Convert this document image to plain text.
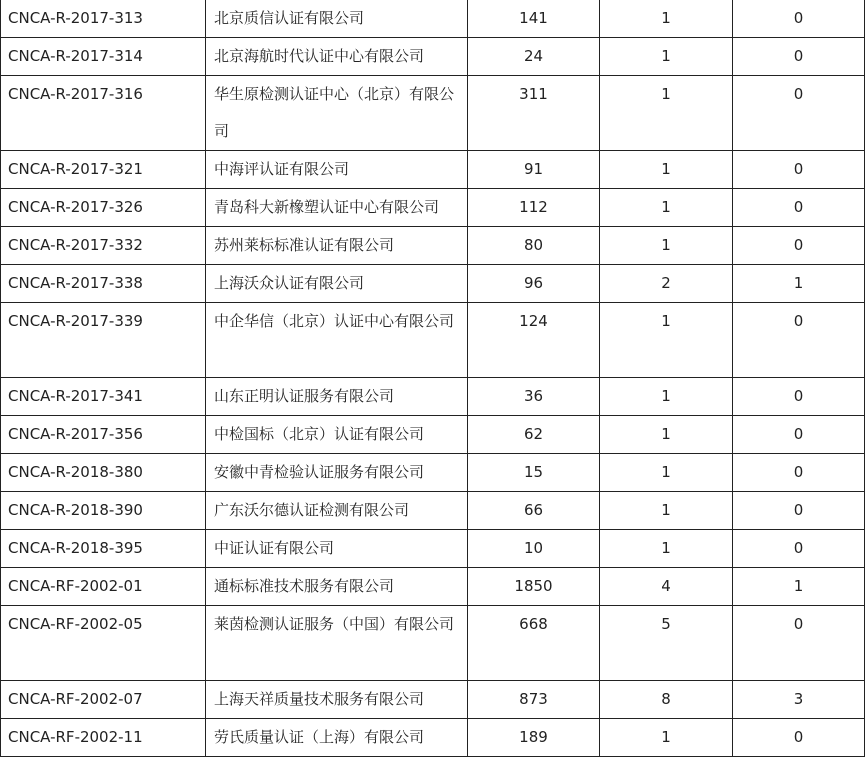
CNCA-R-2017-313	北京质信认证有限公司	141	1	0
CNCA-R-2017-314	北京海航时代认证中心有限公司	24	1	0
CNCA-R-2017-316	华生原检测认证中心（北京）有限公司	311	1	0
CNCA-R-2017-321	中海评认证有限公司	91	1	0
CNCA-R-2017-326	青岛科大新橡塑认证中心有限公司	112	1	0
CNCA-R-2017-332	苏州莱标标准认证有限公司	80	1	0
CNCA-R-2017-338	上海沃众认证有限公司	96	2	1
CNCA-R-2017-339	中企华信（北京）认证中心有限公司	124	1	0
CNCA-R-2017-341	山东正明认证服务有限公司	36	1	0
CNCA-R-2017-356	中检国标（北京）认证有限公司	62	1	0
CNCA-R-2018-380	安徽中青检验认证服务有限公司	15	1	0
CNCA-R-2018-390	广东沃尔德认证检测有限公司	66	1	0
CNCA-R-2018-395	中证认证有限公司	10	1	0
CNCA-RF-2002-01	通标标准技术服务有限公司	1850	4	1
CNCA-RF-2002-05	莱茵检测认证服务（中国）有限公司	668	5	0
CNCA-RF-2002-07	上海天祥质量技术服务有限公司	873	8	3
CNCA-RF-2002-11	劳氏质量认证（上海）有限公司	189	1	0
